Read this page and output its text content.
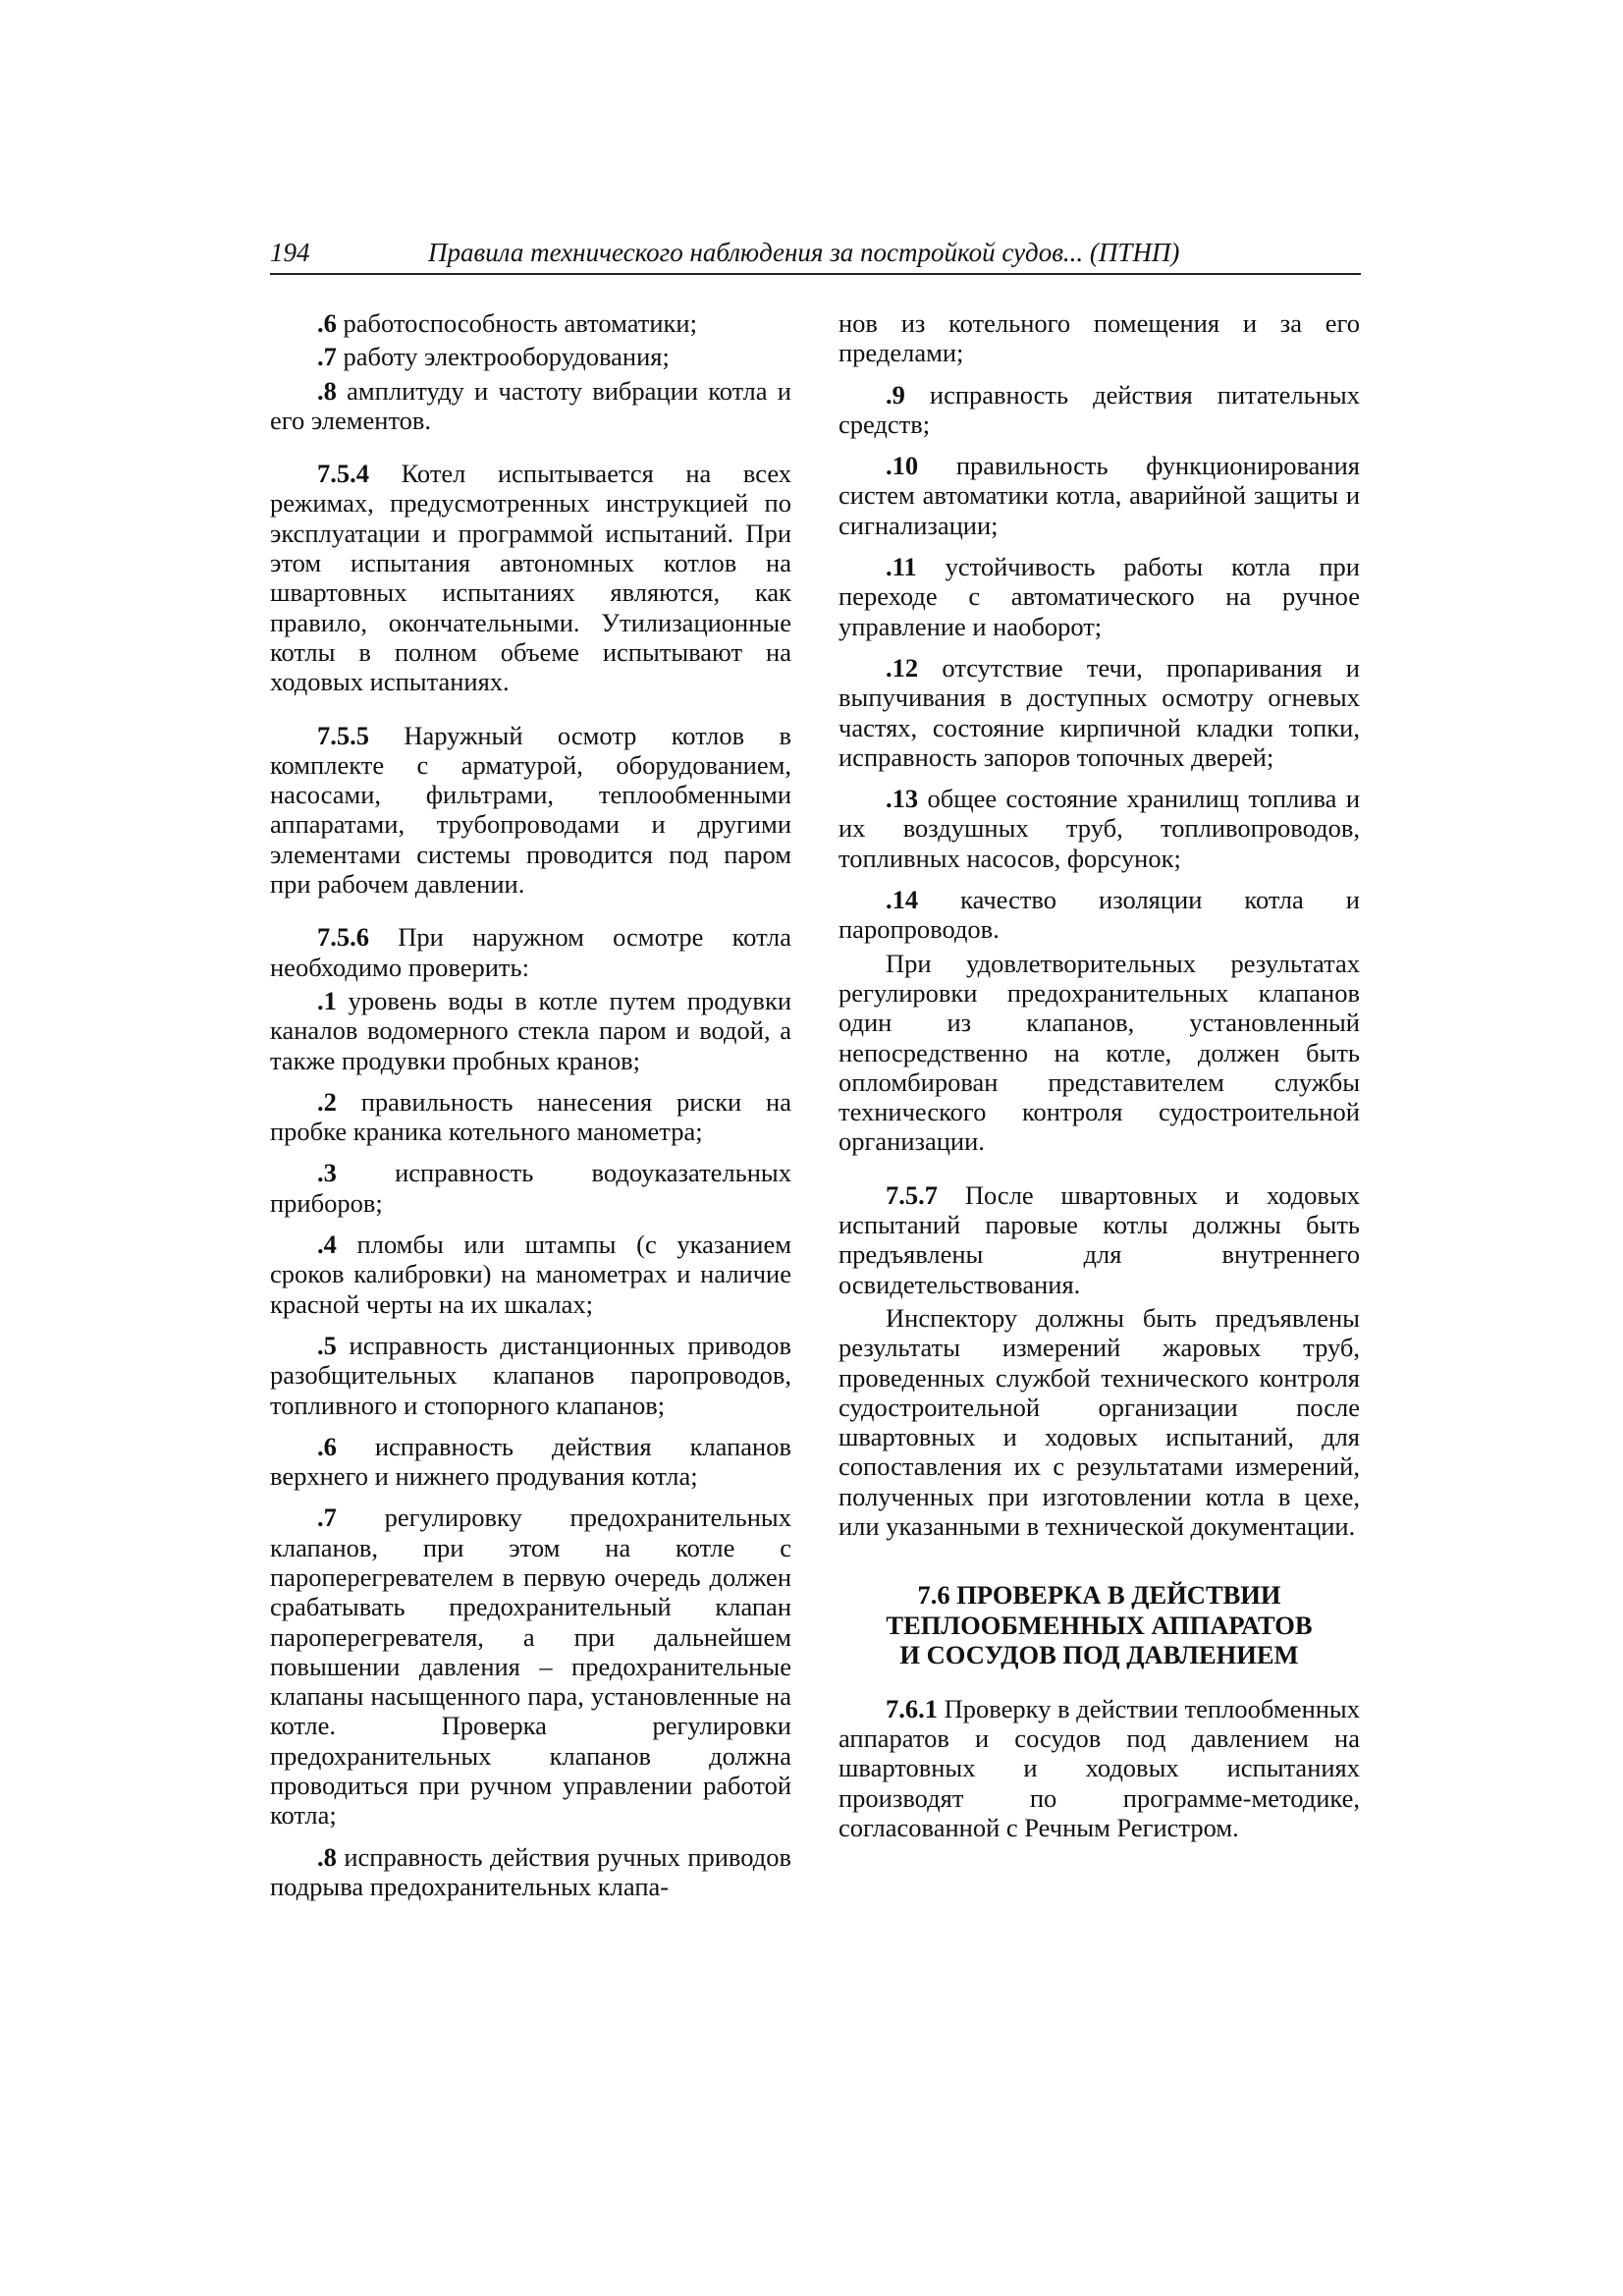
194	Правила технического наблюдения за постройкой судов... (ПТНП)

.6 работоспособность автоматики;

.7 работу электрооборудования;

.8 амплитуду и частоту вибрации котла и его элементов.

7.5.4 Котел испытывается на всех режимах, предусмотренных инструкцией по эксплуатации и программой испытаний. При этом испытания автономных котлов на швартовных испытаниях являются, как правило, окончательными. Утилизационные котлы в полном объеме испытывают на ходовых испытаниях.

7.5.5 Наружный осмотр котлов в комплекте с арматурой, оборудованием, насосами, фильтрами, теплообменными аппаратами, трубопроводами и другими элементами системы проводится под паром при рабочем давлении.

7.5.6 При наружном осмотре котла необходимо проверить:

.1 уровень воды в котле путем продувки каналов водомерного стекла паром и водой, а также продувки пробных кранов;

.2 правильность нанесения риски на пробке краника котельного манометра;

.3 исправность водоуказательных приборов;

.4 пломбы или штампы (с указанием сроков калибровки) на манометрах и наличие красной черты на их шкалах;

.5 исправность дистанционных приводов разобщительных клапанов паропроводов, топливного и стопорного клапанов;

.6 исправность действия клапанов верхнего и нижнего продувания котла;

.7 регулировку предохранительных клапанов, при этом на котле с пароперегревателем в первую очередь должен срабатывать предохранительный клапан пароперегревателя, а при дальнейшем повышении давления – предохранительные клапаны насыщенного пара, установленные на котле. Проверка регулировки предохранительных клапанов должна проводиться при ручном управлении работой котла;

.8 исправность действия ручных приводов подрыва предохранительных клапа-

нов из котельного помещения и за его пределами;

.9 исправность действия питательных средств;

.10 правильность функционирования систем автоматики котла, аварийной защиты и сигнализации;

.11 устойчивость работы котла при переходе с автоматического на ручное управление и наоборот;

.12 отсутствие течи, пропаривания и выпучивания в доступных осмотру огневых частях, состояние кирпичной кладки топки, исправность запоров топочных дверей;

.13 общее состояние хранилищ топлива и их воздушных труб, топливопроводов, топливных насосов, форсунок;

.14 качество изоляции котла и паропроводов.

При удовлетворительных результатах регулировки предохранительных клапанов один из клапанов, установленный непосредственно на котле, должен быть опломбирован представителем службы технического контроля судостроительной организации.

7.5.7 После швартовных и ходовых испытаний паровые котлы должны быть предъявлены для внутреннего освидетельствования.

Инспектору должны быть предъявлены результаты измерений жаровых труб, проведенных службой технического контроля судостроительной организации после швартовных и ходовых испытаний, для сопоставления их с результатами измерений, полученных при изготовлении котла в цехе, или указанными в технической документации.

7.6 ПРОВЕРКА В ДЕЙСТВИИ
ТЕПЛООБМЕННЫХ АППАРАТОВ
И СОСУДОВ ПОД ДАВЛЕНИЕМ

7.6.1 Проверку в действии теплообменных аппаратов и сосудов под давлением на швартовных и ходовых испытаниях производят по программе-методике, согласованной с Речным Регистром.
